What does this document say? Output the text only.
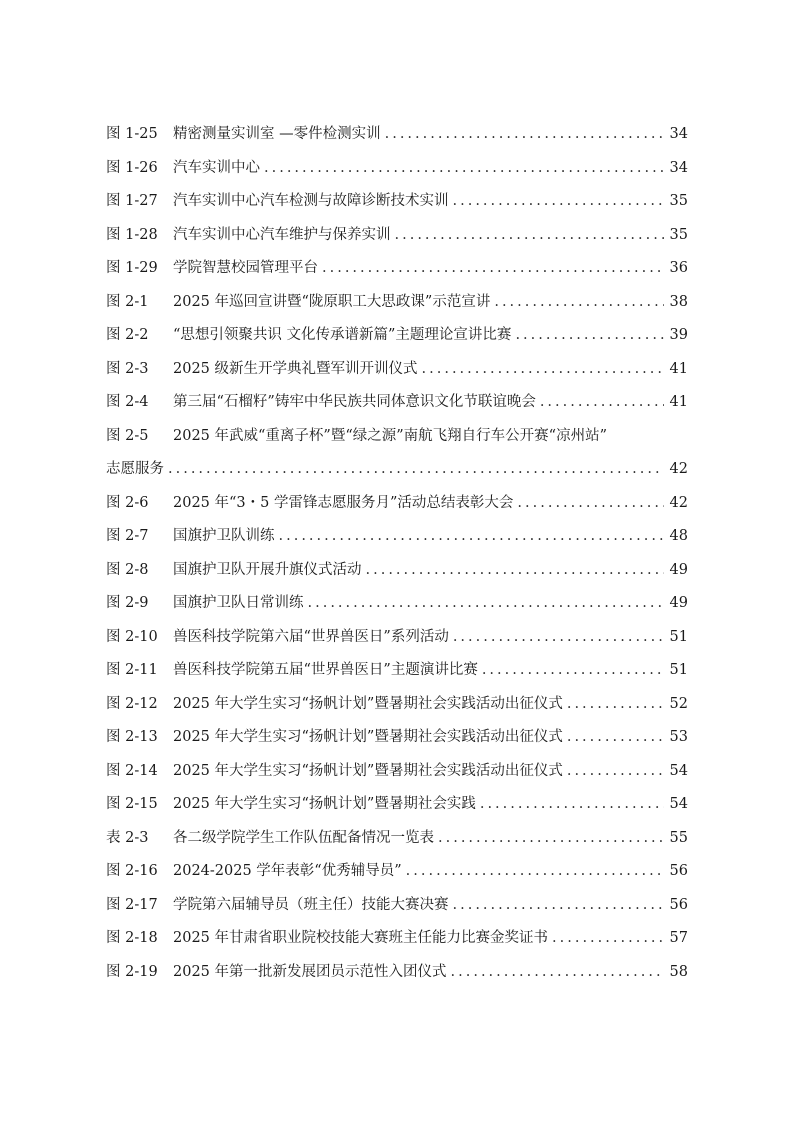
图 1-25	精密测量实训室 —零件检测实训 .....	34
图 1-26	汽车实训中心 .....	34
图 1-27	汽车实训中心汽车检测与故障诊断技术实训 .....	35
图 1-28	汽车实训中心汽车维护与保养实训 .....	35
图 1-29	学院智慧校园管理平台 .....	36
图 2-1	2025 年巡回宣讲暨“陇原职工大思政课”示范宣讲 .....	38
图 2-2	“思想引领聚共识 文化传承谱新篇”主题理论宣讲比赛 .....	39
图 2-3	2025 级新生开学典礼暨军训开训仪式 .....	41
图 2-4	第三届“石榴籽”铸牢中华民族共同体意识文化节联谊晚会 .....	41
图 2-5	2025 年武威“重离子杯”暨“绿之源”南航飞翔自行车公开赛“凉州站”
志愿服务 .....	42
图 2-6	2025 年“3・5 学雷锋志愿服务月”活动总结表彰大会 .....	42
图 2-7	国旗护卫队训练 .....	48
图 2-8	国旗护卫队开展升旗仪式活动 .....	49
图 2-9	国旗护卫队日常训练 .....	49
图 2-10	兽医科技学院第六届“世界兽医日”系列活动 .....	51
图 2-11	兽医科技学院第五届“世界兽医日”主题演讲比赛 .....	51
图 2-12	2025 年大学生实习“扬帆计划”暨暑期社会实践活动出征仪式 .....	52
图 2-13	2025 年大学生实习“扬帆计划”暨暑期社会实践活动出征仪式 .....	53
图 2-14	2025 年大学生实习“扬帆计划”暨暑期社会实践活动出征仪式 .....	54
图 2-15	2025 年大学生实习“扬帆计划”暨暑期社会实践 .....	54
表 2-3	各二级学院学生工作队伍配备情况一览表 .....	55
图 2-16	2024-2025 学年表彰“优秀辅导员” .....	56
图 2-17	学院第六届辅导员（班主任）技能大赛决赛 .....	56
图 2-18	2025 年甘肃省职业院校技能大赛班主任能力比赛金奖证书 .....	57
图 2-19	2025 年第一批新发展团员示范性入团仪式 .....	58
